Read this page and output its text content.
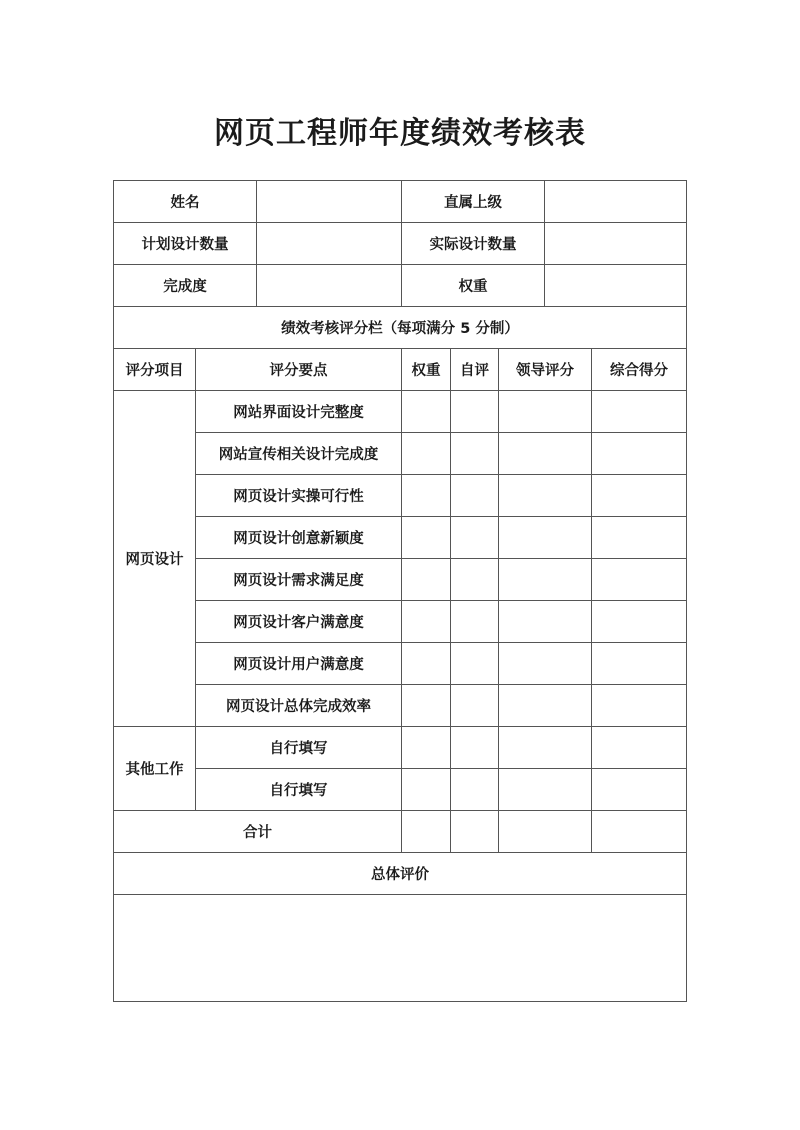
网页工程师年度绩效考核表
姓名			直属上级				
计划设计数量			实际设计数量				
完成度			权重				
绩效考核评分栏（每项满分 5 分制）							
评分项目	评分要点		权重	自评	领导评分		综合得分
网页设计	网站界面设计完整度						
	网站宣传相关设计完成度						
	网页设计实操可行性						
	网页设计创意新颖度						
	网页设计需求满足度						
	网页设计客户满意度						
	网页设计用户满意度						
	网页设计总体完成效率						
其他工作	自行填写						
	自行填写						
合计							
总体评价							
